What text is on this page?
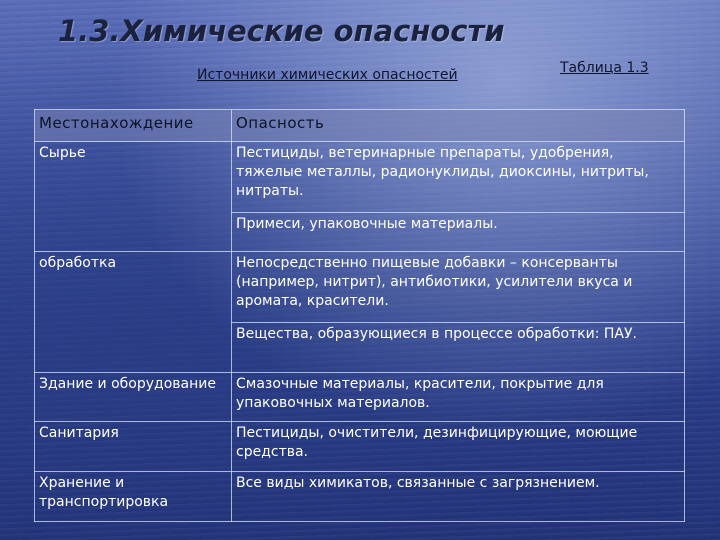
1.3.Химические опасности
Источники химических опасностей	Таблица 1.3
Местонахождение	Опасность
Сырье	Пестициды, ветеринарные препараты, удобрения, тяжелые металлы, радионуклиды, диоксины, нитриты, нитраты.
	Примеси, упаковочные материалы.
обработка	Непосредственно пищевые добавки – консерванты (например, нитрит), антибиотики, усилители вкуса и аромата, красители.
	Вещества, образующиеся в процессе обработки: ПАУ.
Здание и оборудование	Смазочные материалы, красители, покрытие для упаковочных материалов.
Санитария	Пестициды, очистители, дезинфицирующие, моющие средства.
Хранение и транспортировка	Все виды химикатов, связанные с загрязнением.
